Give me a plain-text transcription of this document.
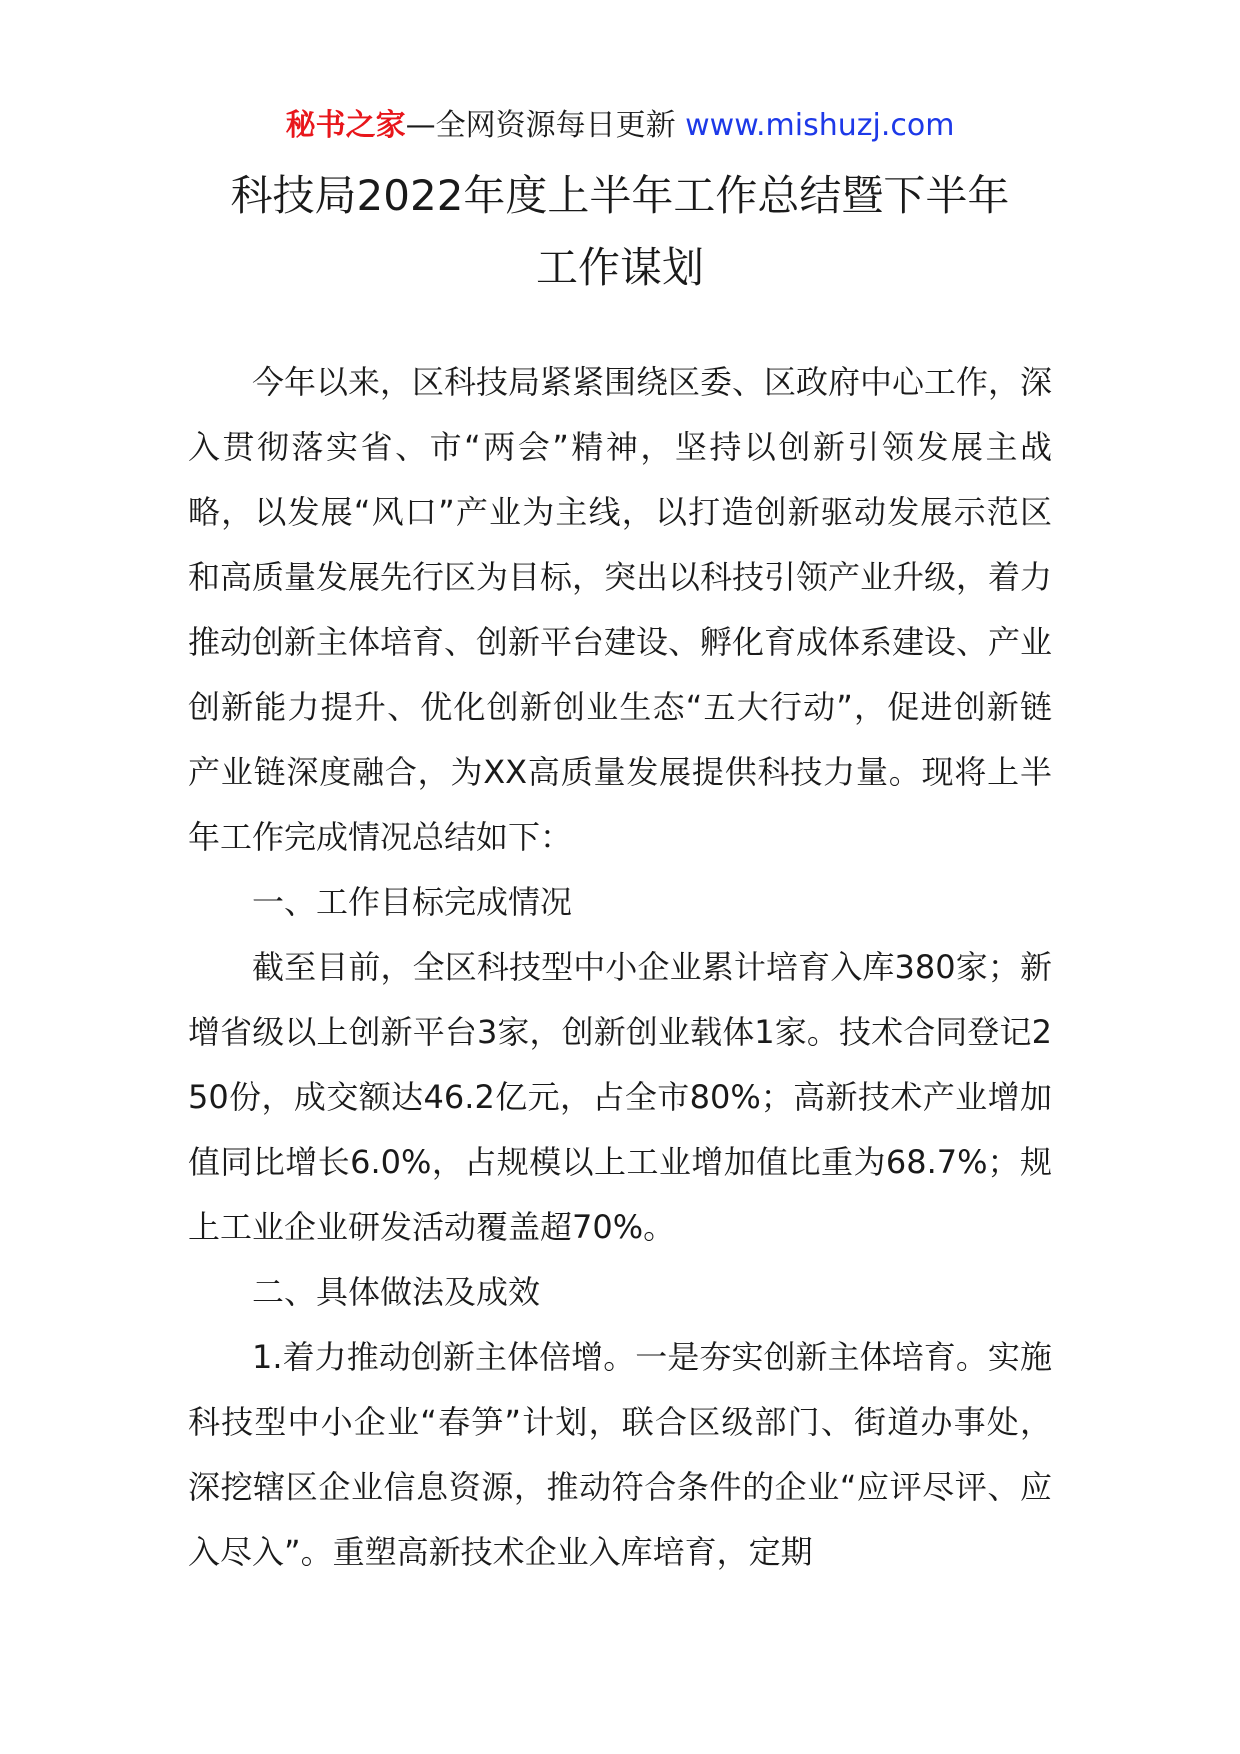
秘书之家—全网资源每日更新 www.mishuzj.com
科技局2022年度上半年工作总结暨下半年
工作谋划

今年以来，区科技局紧紧围绕区委、区政府中心工作，深入贯彻落实省、市“两会”精神，坚持以创新引领发展主战略，以发展“风口”产业为主线，以打造创新驱动发展示范区和高质量发展先行区为目标，突出以科技引领产业升级，着力推动创新主体培育、创新平台建设、孵化育成体系建设、产业创新能力提升、优化创新创业生态“五大行动”，促进创新链产业链深度融合，为XX高质量发展提供科技力量。现将上半年工作完成情况总结如下：

一、工作目标完成情况

截至目前，全区科技型中小企业累计培育入库380家；新增省级以上创新平台3家，创新创业载体1家。技术合同登记250份，成交额达46.2亿元，占全市80%；高新技术产业增加值同比增长6.0%，占规模以上工业增加值比重为68.7%；规上工业企业研发活动覆盖超70%。

二、具体做法及成效

1.着力推动创新主体倍增。一是夯实创新主体培育。实施科技型中小企业“春笋”计划，联合区级部门、街道办事处，深挖辖区企业信息资源，推动符合条件的企业“应评尽评、应入尽入”。重塑高新技术企业入库培育，定期
